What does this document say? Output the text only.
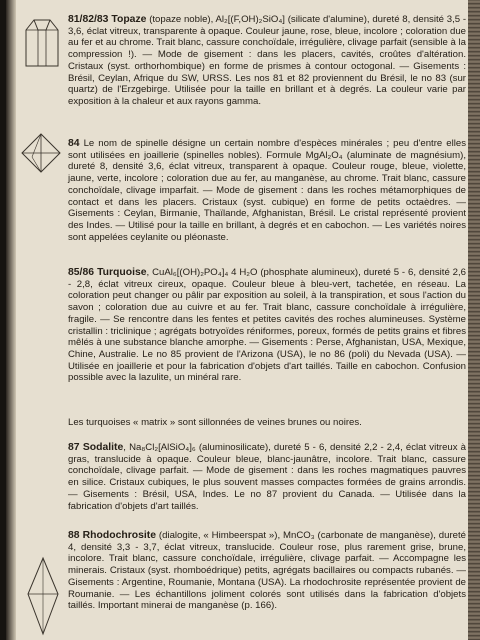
81/82/83 Topaze (topaze noble), Al₂[(F,OH)₂SiO₄] (silicate d'alumine), dureté 8, densité 3,5 - 3,6, éclat vitreux, transparente à opaque. Couleur jaune, rose, bleue, incolore ; coloration due au fer et au chrome. Trait blanc, cassure conchoïdale, irrégulière, clivage parfait (sensible à la compression !). — Mode de gisement : dans les placers, cavités, croûtes d'altération. Cristaux (syst. orthorhombique) en forme de prismes à contour octogonal. — Gisements : Brésil, Ceylan, Afrique du SW, URSS. Les nos 81 et 82 proviennent du Brésil, le no 83 (sur quartz) de l'Erzgebirge. Utilisée pour la taille en brillant et à degrés. La couleur varie par exposition à la chaleur et aux rayons gamma.

84 Le nom de spinelle désigne un certain nombre d'espèces minérales ; peu d'entre elles sont utilisées en joaillerie (spinelles nobles). Formule MgAl₂O₄ (aluminate de magnésium), dureté 8, densité 3,6, éclat vitreux, transparent à opaque. Couleur rouge, bleue, violette, jaune, verte, incolore ; coloration due au fer, au manganèse, au chrome. Trait blanc, cassure conchoïdale, clivage imparfait. — Mode de gisement : dans les roches métamorphiques de contact et dans les placers. Cristaux (syst. cubique) en forme de petits octaèdres. — Gisements : Ceylan, Birmanie, Thaïlande, Afghanistan, Brésil. Le cristal représenté provient des Indes. — Utilisé pour la taille en brillant, à degrés et en cabochon. — Les variétés noires sont appelées ceylanite ou pléonaste.

85/86 Turquoise, CuAl₆[(OH)₂PO₄]₄ 4 H₂O (phosphate alumineux), dureté 5 - 6, densité 2,6 - 2,8, éclat vitreux cireux, opaque. Couleur bleue à bleu-vert, tachetée, en réseau. La coloration peut changer ou pâlir par exposition au soleil, à la transpiration, et sous l'action du savon ; coloration due au cuivre et au fer. Trait blanc, cassure conchoïdale à irrégulière, fragile. — Se rencontre dans les fentes et petites cavités des roches alumineuses. Système cristallin : triclinique ; agrégats botryoïdes réniformes, poreux, formés de petits grains et fibres mêlés à une substance blanche amorphe. — Gisements : Perse, Afghanistan, USA, Mexique, Chine, Australie. Le no 85 provient de l'Arizona (USA), le no 86 (poli) du Nevada (USA). — Utilisée en joaillerie et pour la fabrication d'objets d'art taillés. Taille en cabochon. Confusion possible avec la lazulite, un minéral rare.

Les turquoises « matrix » sont sillonnées de veines brunes ou noires.

87 Sodalite, Na₈Cl₂[AlSiO₄]₆ (aluminosilicate), dureté 5 - 6, densité 2,2 - 2,4, éclat vitreux à gras, translucide à opaque. Couleur bleue, blanc-jaunâtre, incolore. Trait blanc, cassure conchoïdale, clivage parfait. — Mode de gisement : dans les roches magmatiques pauvres en silice. Cristaux cubiques, le plus souvent masses compactes formées de grains arrondis. — Gisements : Brésil, USA, Indes. Le no 87 provient du Canada. — Utilisée dans la fabrication d'objets d'art taillés.

88 Rhodochrosite (dialogite, « Himbeerspat »), MnCO₃ (carbonate de manganèse), dureté 4, densité 3,3 - 3,7, éclat vitreux, translucide. Couleur rose, plus rarement grise, brune, incolore. Trait blanc, cassure conchoïdale, irrégulière, clivage parfait. — Accompagne les minerais. Cristaux (syst. rhomboédrique) petits, agrégats bacillaires ou compacts rubanés. — Gisements : Argentine, Roumanie, Montana (USA). La rhodochrosite représentée provient de Roumanie. — Les échantillons joliment colorés sont utilisés dans la fabrication d'objets taillés. Important minerai de manganèse (p. 166).
